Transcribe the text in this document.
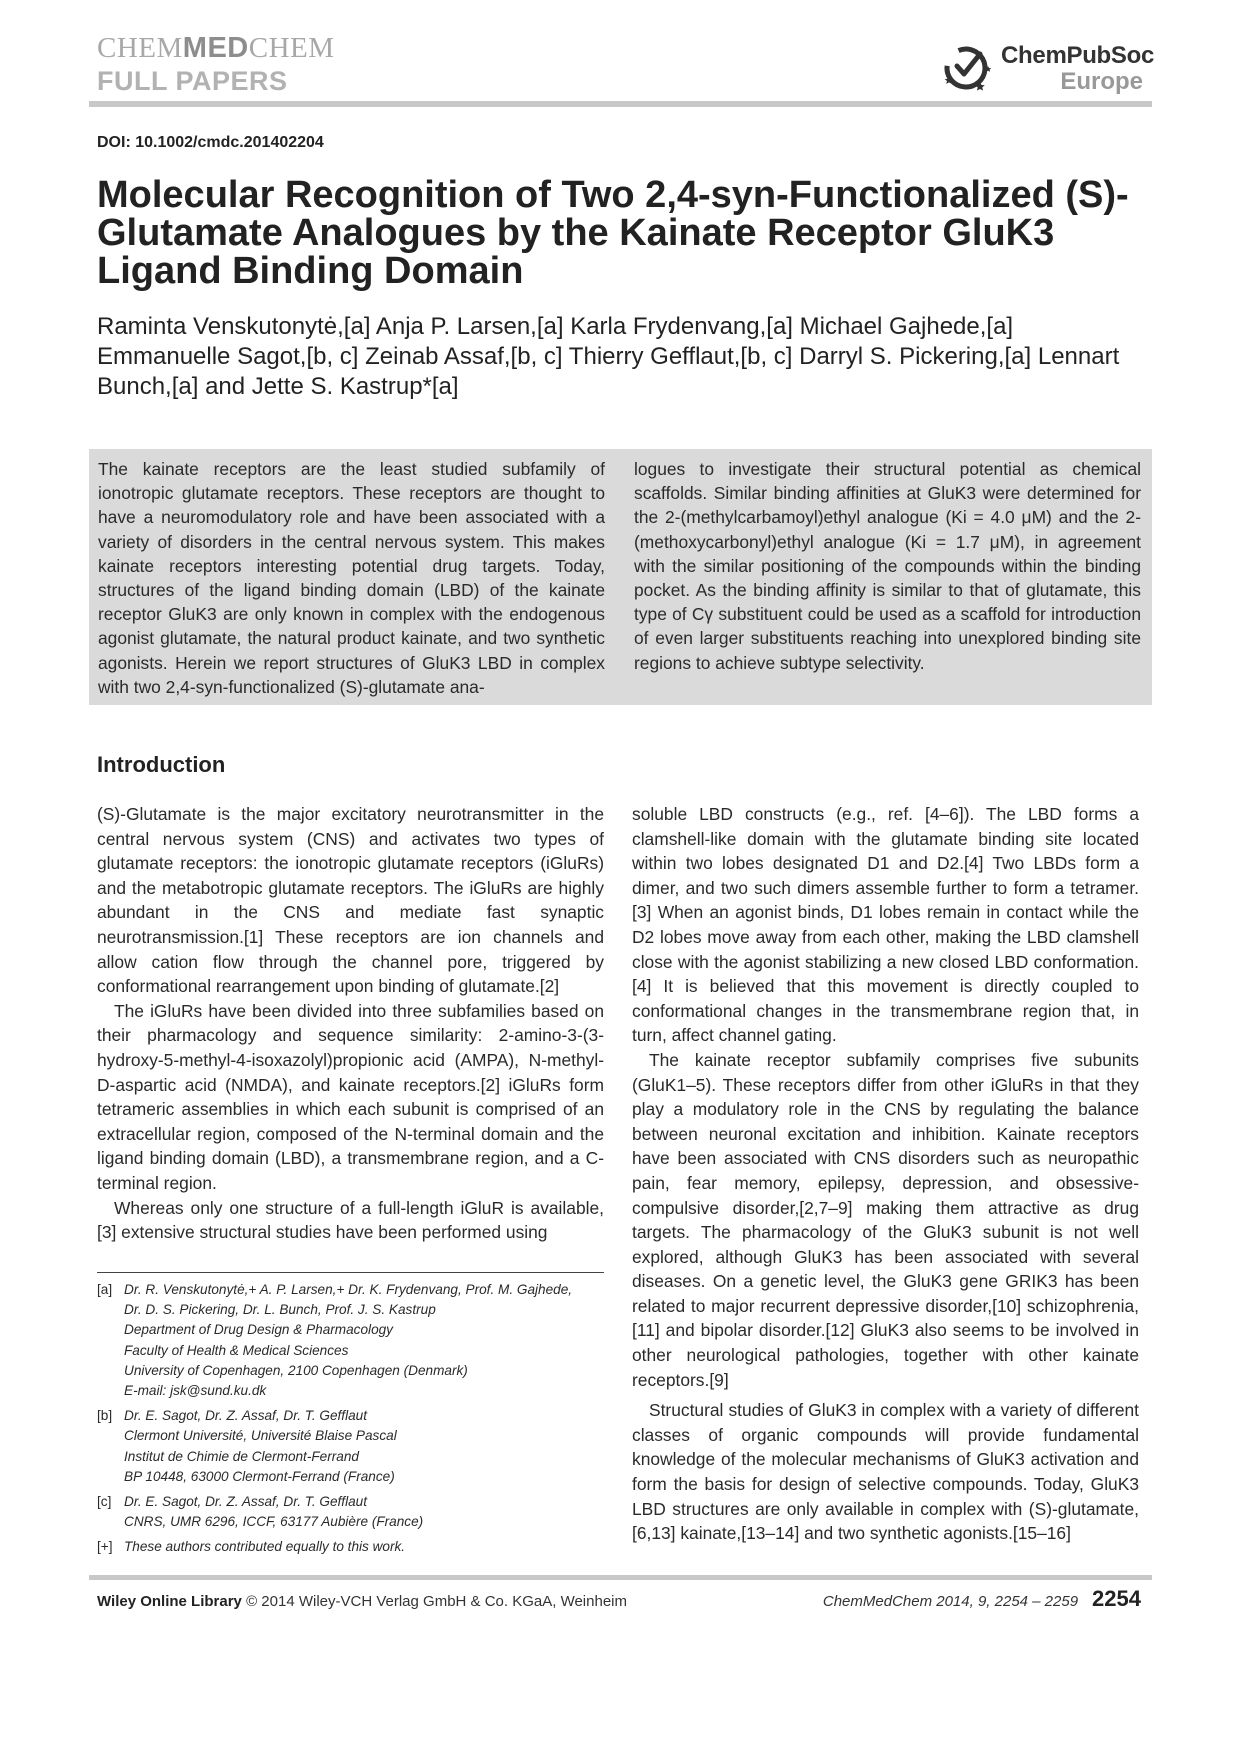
CHEMMEDCHEM
FULL PAPERS
ChemPubSoc
Europe
DOI: 10.1002/cmdc.201402204
Molecular Recognition of Two 2,4-syn-Functionalized (S)-Glutamate Analogues by the Kainate Receptor GluK3 Ligand Binding Domain
Raminta Venskutonytė,[a] Anja P. Larsen,[a] Karla Frydenvang,[a] Michael Gajhede,[a] Emmanuelle Sagot,[b, c] Zeinab Assaf,[b, c] Thierry Gefflaut,[b, c] Darryl S. Pickering,[a] Lennart Bunch,[a] and Jette S. Kastrup*[a]
The kainate receptors are the least studied subfamily of ionotropic glutamate receptors. These receptors are thought to have a neuromodulatory role and have been associated with a variety of disorders in the central nervous system. This makes kainate receptors interesting potential drug targets. Today, structures of the ligand binding domain (LBD) of the kainate receptor GluK3 are only known in complex with the endogenous agonist glutamate, the natural product kainate, and two synthetic agonists. Herein we report structures of GluK3 LBD in complex with two 2,4-syn-functionalized (S)-glutamate ana-
logues to investigate their structural potential as chemical scaffolds. Similar binding affinities at GluK3 were determined for the 2-(methylcarbamoyl)ethyl analogue (Ki = 4.0 μM) and the 2-(methoxycarbonyl)ethyl analogue (Ki = 1.7 μM), in agreement with the similar positioning of the compounds within the binding pocket. As the binding affinity is similar to that of glutamate, this type of Cγ substituent could be used as a scaffold for introduction of even larger substituents reaching into unexplored binding site regions to achieve subtype selectivity.
Introduction

(S)-Glutamate is the major excitatory neurotransmitter in the central nervous system (CNS) and activates two types of glutamate receptors: the ionotropic glutamate receptors (iGluRs) and the metabotropic glutamate receptors. The iGluRs are highly abundant in the CNS and mediate fast synaptic neurotransmission.[1] These receptors are ion channels and allow cation flow through the channel pore, triggered by conformational rearrangement upon binding of glutamate.[2]

The iGluRs have been divided into three subfamilies based on their pharmacology and sequence similarity: 2-amino-3-(3-hydroxy-5-methyl-4-isoxazolyl)propionic acid (AMPA), N-methyl-D-aspartic acid (NMDA), and kainate receptors.[2] iGluRs form tetrameric assemblies in which each subunit is comprised of an extracellular region, composed of the N-terminal domain and the ligand binding domain (LBD), a transmembrane region, and a C-terminal region.

Whereas only one structure of a full-length iGluR is available,[3] extensive structural studies have been performed using

soluble LBD constructs (e.g., ref. [4–6]). The LBD forms a clamshell-like domain with the glutamate binding site located within two lobes designated D1 and D2.[4] Two LBDs form a dimer, and two such dimers assemble further to form a tetramer.[3] When an agonist binds, D1 lobes remain in contact while the D2 lobes move away from each other, making the LBD clamshell close with the agonist stabilizing a new closed LBD conformation.[4] It is believed that this movement is directly coupled to conformational changes in the transmembrane region that, in turn, affect channel gating.

The kainate receptor subfamily comprises five subunits (GluK1–5). These receptors differ from other iGluRs in that they play a modulatory role in the CNS by regulating the balance between neuronal excitation and inhibition. Kainate receptors have been associated with CNS disorders such as neuropathic pain, fear memory, epilepsy, depression, and obsessive-compulsive disorder,[2,7–9] making them attractive as drug targets. The pharmacology of the GluK3 subunit is not well explored, although GluK3 has been associated with several diseases. On a genetic level, the GluK3 gene GRIK3 has been related to major recurrent depressive disorder,[10] schizophrenia,[11] and bipolar disorder.[12] GluK3 also seems to be involved in other neurological pathologies, together with other kainate receptors.[9]

Structural studies of GluK3 in complex with a variety of different classes of organic compounds will provide fundamental knowledge of the molecular mechanisms of GluK3 activation and form the basis for design of selective compounds. Today, GluK3 LBD structures are only available in complex with (S)-glutamate,[6,13] kainate,[13–14] and two synthetic agonists.[15–16]

[a] Dr. R. Venskutonytė,+ A. P. Larsen,+ Dr. K. Frydenvang, Prof. M. Gajhede,
Dr. D. S. Pickering, Dr. L. Bunch, Prof. J. S. Kastrup
Department of Drug Design & Pharmacology
Faculty of Health & Medical Sciences
University of Copenhagen, 2100 Copenhagen (Denmark)
E-mail: jsk@sund.ku.dk
[b] Dr. E. Sagot, Dr. Z. Assaf, Dr. T. Gefflaut
Clermont Université, Université Blaise Pascal
Institut de Chimie de Clermont-Ferrand
BP 10448, 63000 Clermont-Ferrand (France)
[c] Dr. E. Sagot, Dr. Z. Assaf, Dr. T. Gefflaut
CNRS, UMR 6296, ICCF, 63177 Aubière (France)
[+] These authors contributed equally to this work.
Wiley Online Library © 2014 Wiley-VCH Verlag GmbH & Co. KGaA, Weinheim	ChemMedChem 2014, 9, 2254 – 2259 2254
